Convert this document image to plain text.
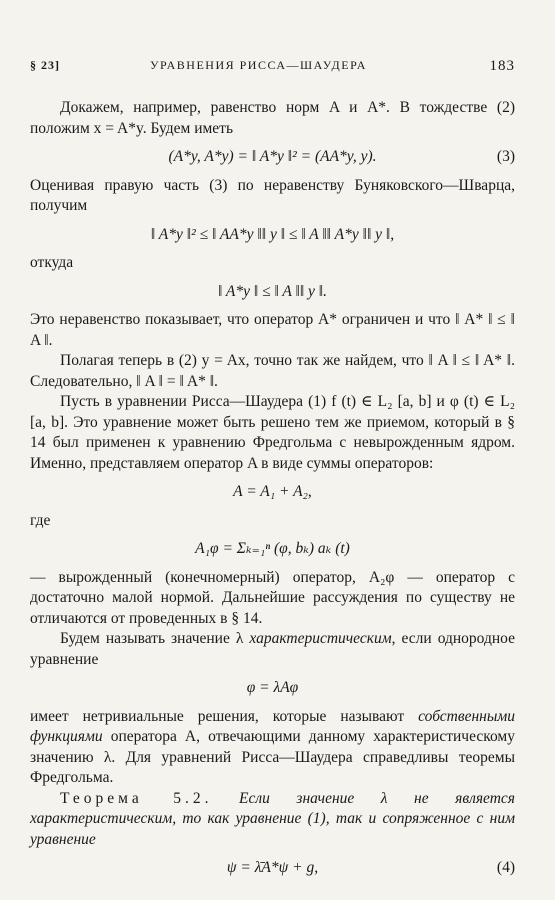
§ 23]	УРАВНЕНИЯ РИССА—ШАУДЕРА	183

Докажем, например, равенство норм A и A*. В тождестве (2) положим x = A*y. Будем иметь

(A*y, A*y) = ‖ A*y ‖² = (AA*y, y).	(3)

Оценивая правую часть (3) по неравенству Буняковского—Шварца, получим

‖ A*y ‖² ≤ ‖ AA*y ‖‖ y ‖ ≤ ‖ A ‖‖ A*y ‖‖ y ‖,

откуда

‖ A*y ‖ ≤ ‖ A ‖‖ y ‖.

Это неравенство показывает, что оператор A* ограничен и что ‖ A* ‖ ≤ ‖ A ‖.

Полагая теперь в (2) y = Ax, точно так же найдем, что ‖ A ‖ ≤ ‖ A* ‖. Следовательно, ‖ A ‖ = ‖ A* ‖.

Пусть в уравнении Рисса—Шаудера (1) f (t) ∈ L₂ [a, b] и φ (t) ∈ L₂ [a, b]. Это уравнение может быть решено тем же приемом, который в § 14 был применен к уравнению Фредгольма с невырожденным ядром. Именно, представляем оператор A в виде суммы операторов:

A = A₁ + A₂,

где

A₁φ = Σₖ₌₁ⁿ (φ, bₖ) aₖ (t)

— вырожденный (конечномерный) оператор, A₂φ — оператор с достаточно малой нормой. Дальнейшие рассуждения по существу не отличаются от проведенных в § 14.

Будем называть значение λ характеристическим, если однородное уравнение

φ = λAφ

имеет нетривиальные решения, которые называют собственными функциями оператора A, отвечающими данному характеристическому значению λ. Для уравнений Рисса—Шаудера справедливы теоремы Фредгольма.

Теорема 5.2. Если значение λ не является характеристическим, то как уравнение (1), так и сопряженное с ним уравнение

ψ = λ̄A*ψ + g,	(4)
